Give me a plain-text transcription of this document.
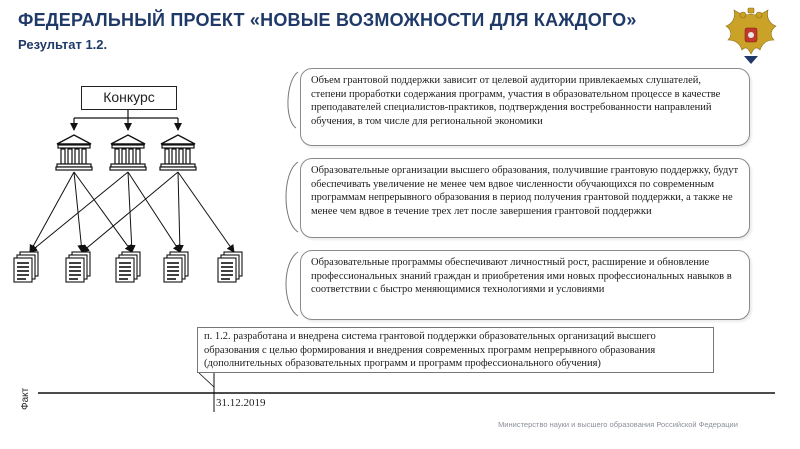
ФЕДЕРАЛЬНЫЙ ПРОЕКТ «НОВЫЕ ВОЗМОЖНОСТИ ДЛЯ КАЖДОГО»
Результат 1.2.
Конкурс
Объем грантовой поддержки зависит от целевой аудитории привлекаемых слушателей, степени проработки содержания программ, участия в образовательном процессе в качестве преподавателей специалистов-практиков, подтверждения востребованности направлений обучения, в том числе для региональной экономики
Образовательные организации высшего образования, получившие грантовую поддержку, будут обеспечивать увеличение не менее чем вдвое численности обучающихся по современным программам непрерывного образования в период получения грантовой поддержки, а также не менее чем вдвое в течение трех лет после завершения грантовой поддержки
Образовательные программы обеспечивают личностный рост, расширение и обновление профессиональных знаний граждан и приобретения ими новых профессиональных навыков в соответствии с быстро меняющимися технологиями и условиями
п. 1.2. разработана и внедрена система грантовой поддержки образовательных организаций высшего образования с целью формирования и внедрения современных программ непрерывного образования (дополнительных образовательных программ и программ профессионального обучения)
Факт	31.12.2019
Министерство науки и высшего образования Российской Федерации
